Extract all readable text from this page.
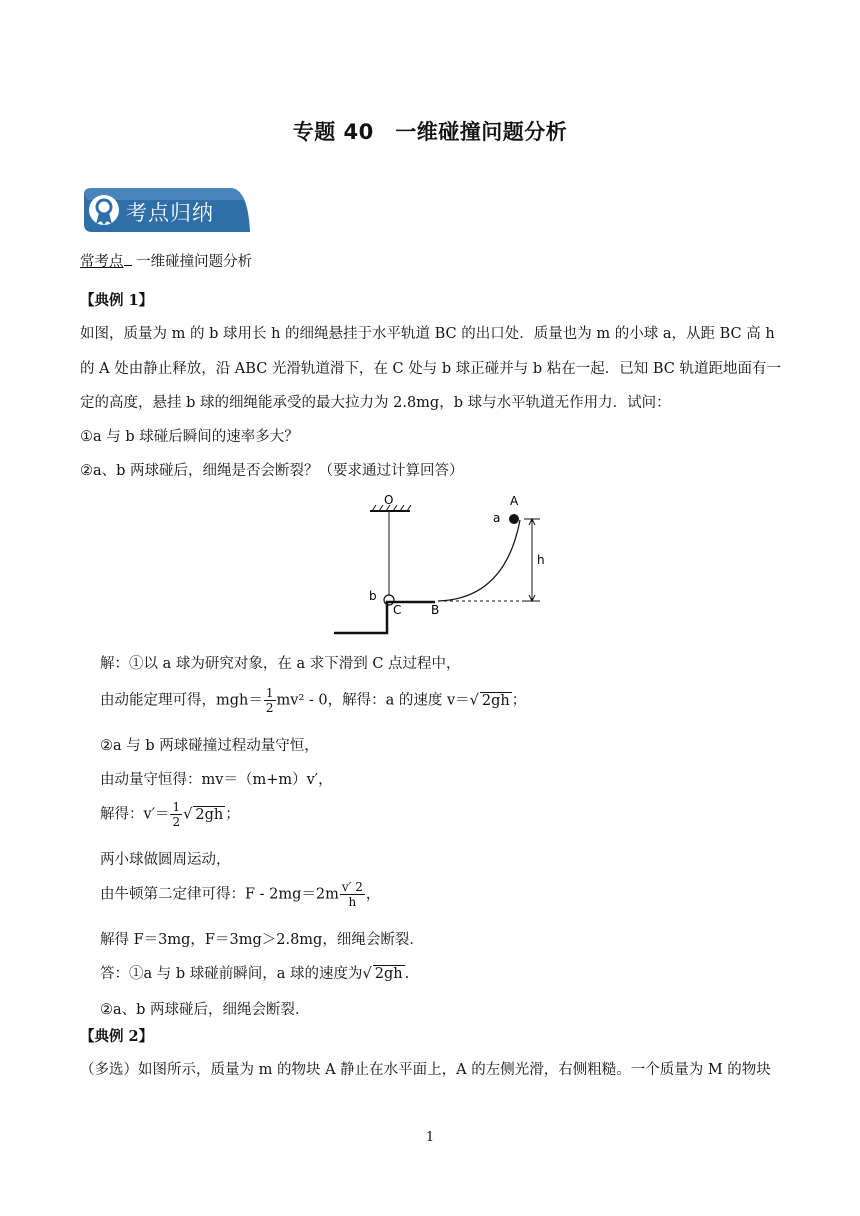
专题 40　一维碰撞问题分析
考点归纳
常考点 一维碰撞问题分析
【典例 1】
如图，质量为 m 的 b 球用长 h 的细绳悬挂于水平轨道 BC 的出口处．质量也为 m 的小球 a，从距 BC 高 h
的 A 处由静止释放，沿 ABC 光滑轨道滑下，在 C 处与 b 球正碰并与 b 粘在一起．已知 BC 轨道距地面有一
定的高度，悬挂 b 球的细绳能承受的最大拉力为 2.8mg，b 球与水平轨道无作用力．试问：
①a 与 b 球碰后瞬间的速率多大？
②a、b 两球碰后，细绳是否会断裂？（要求通过计算回答）
O
b
C B
A
a
h
解：①以 a 球为研究对象，在 a 求下滑到 C 点过程中，
由动能定理可得，$mgh= \frac{1}{2} mv^2 - 0$，解得：a 的速度 v＝√ 2gh ；
②a 与 b 两球碰撞过程动量守恒，
由动量守恒得：mv＝（m+m）v′，
解得：$v'= \frac{1}{2}$ √ 2gh ；
两小球做圆周运动，
由牛顿第二定律可得：$F - 2mg=2m \frac{v' 2}{h}$ ，
解得 F＝3mg，F＝3mg＞2.8mg，细绳会断裂．
答：①a 与 b 球碰前瞬间，a 球的速度为√ 2gh .
②a、b 两球碰后，细绳会断裂．
【典例 2】
（多选）如图所示，质量为 m 的物块 A 静止在水平面上，A 的左侧光滑，右侧粗糙。一个质量为 M 的物块
1
